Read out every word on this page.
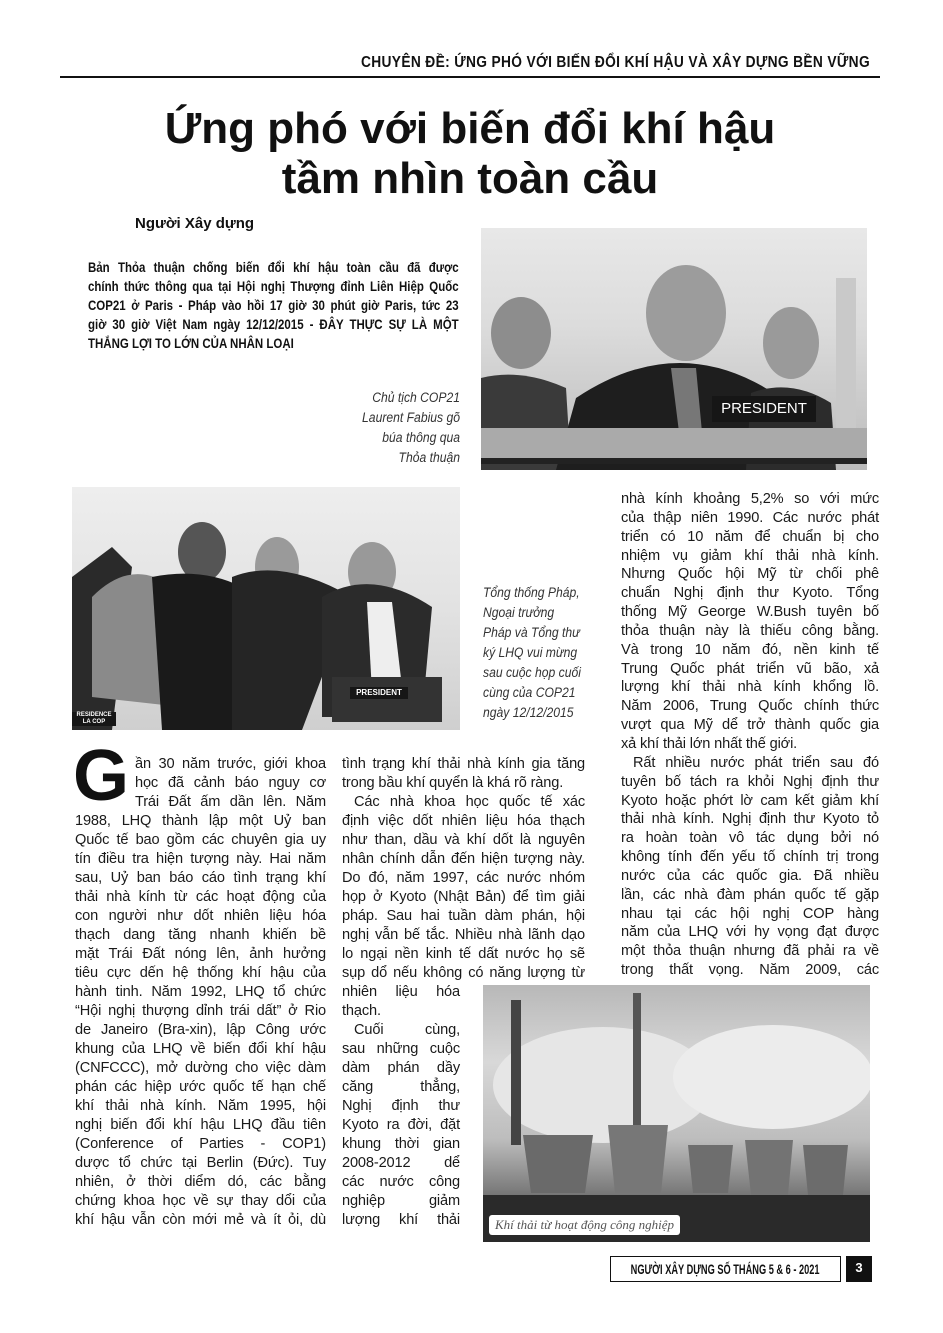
CHUYÊN ĐỀ: ỨNG PHÓ VỚI BIẾN ĐỔI KHÍ HẬU VÀ XÂY DỰNG BỀN VỮNG
Ứng phó với biến đổi khí hậu
tầm nhìn toàn cầu
Người Xây dựng
Bản Thỏa thuận chống biến đổi khí hậu toàn cầu đã được
chính thức thông qua tại Hội nghị Thượng đỉnh Liên Hiệp Quốc
COP21 ở Paris - Pháp vào hồi 17 giờ 30 phút giờ Paris, tức 23
giờ 30 giờ Việt Nam ngày 12/12/2015 - ĐÂY THỰC SỰ LÀ MỘT
THẮNG LỢI TO LỚN CỦA NHÂN LOẠI
PRESIDENT
Chủ tịch COP21
Laurent Fabius gõ
búa thông qua
Thỏa thuận
PRESIDENT
RESIDENCE LA COP
Tổng thống Pháp,
Ngoại trưởng
Pháp và Tổng thư
ký LHQ vui mừng
sau cuộc họp cuối
cùng của COP21
ngày 12/12/2015
G ần 30 năm trước, giới khoa
học đã cảnh báo nguy cơ
Trái Đất ấm dần lên. Năm
1988, LHQ thành lập một Uỷ ban
Quốc tế bao gồm các chuyên gia uy
tín điều tra hiện tượng này. Hai năm
sau, Uỷ ban báo cáo tình trạng khí
thải nhà kính từ các hoạt động của
con người như dốt nhiên liệu hóa
thạch dang tăng nhanh khiến bề
mặt Trái Đất nóng lên, ảnh hưởng
tiêu cực dến hệ thống khí hậu của
hành tinh. Năm 1992, LHQ tổ chức
“Hội nghị thượng dỉnh trái dất” ở Rio
de Janeiro (Bra-xin), lập Công ước
khung của LHQ về biến đổi khí hậu
(CNFCCC), mở dường cho việc dàm
phán các hiệp ước quốc tế hạn chế
khí thải nhà kính. Năm 1995, hội
nghị biến đổi khí hậu LHQ đầu tiên
(Conference of Parties - COP1)
dược tổ chức tại Berlin (Đức). Tuy
nhiên, ở thời diểm dó, các bằng
chứng khoa học về sự thay dổi của
khí hậu vẫn còn mới mẻ và ít ỏi, dù
tình trạng khí thải nhà kính gia tăng
trong bầu khí quyển là khá rõ ràng.
Các nhà khoa học quốc tế xác
định việc dốt nhiên liệu hóa thạch
như than, dầu và khí dốt là nguyên
nhân chính dẫn đến hiện tượng này.
Do đó, năm 1997, các nước nhóm
họp ở Kyoto (Nhật Bản) để tìm giải
pháp. Sau hai tuần dàm phán, hội
nghị vẫn bế tắc. Nhiều nhà lãnh dạo
lo ngại nền kinh tế dất nước họ sẽ
sụp dổ nếu không có năng lượng từ
nhiên liệu hóa
thạch.
Cuối cùng,
sau những cuộc
dàm phán dầy
căng thẳng,
Nghị định thư
Kyoto ra đời, đặt
khung thời gian
2008-2012 dể
các nước công
nghiệp giảm
lượng khí thải
nhà kính khoảng 5,2% so với mức
của thập niên 1990. Các nước phát
triển có 10 năm để chuẩn bị cho
nhiệm vụ giảm khí thải nhà kính.
Nhưng Quốc hội Mỹ từ chối phê
chuẩn Nghị định thư Kyoto. Tổng
thống Mỹ George W.Bush tuyên bố
thỏa thuận này là thiếu công bằng.
Và trong 10 năm đó, nền kinh tế
Trung Quốc phát triển vũ bão, xả
lượng khí thải nhà kính khổng lồ.
Năm 2006, Trung Quốc chính thức
vượt qua Mỹ dể trở thành quốc gia
xả khí thải lớn nhất thế giới.
Rất nhiều nước phát triển sau đó
tuyên bố tách ra khỏi Nghị định thư
Kyoto hoặc phớt lờ cam kết giảm khí
thải nhà kính. Nghị định thư Kyoto tỏ
ra hoàn toàn vô tác dụng bởi nó
không tính đến yếu tố chính trị trong
nước của các quốc gia. Đã nhiều
lần, các nhà đàm phán quốc tế gặp
nhau tại các hội nghị COP hàng
năm của LHQ với hy vọng đạt được
một thỏa thuận nhưng đã phải ra về
trong thất vọng. Năm 2009, các
Khí thải từ hoạt động công nghiệp
NGƯỜI XÂY DỰNG SỐ THÁNG 5 & 6 - 2021	3
